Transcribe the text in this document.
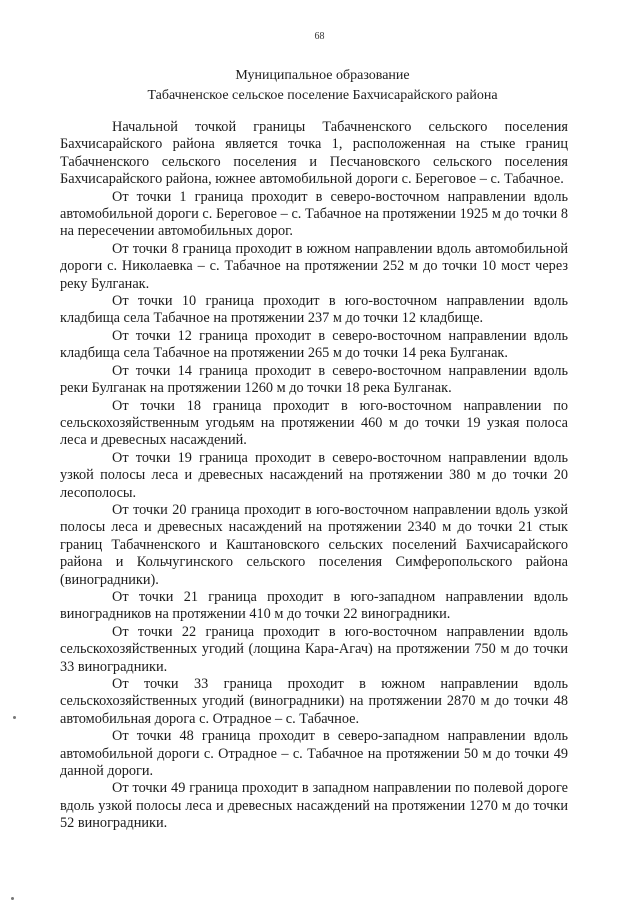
68
Муниципальное образование
Табачненское сельское поселение Бахчисарайского района

Начальной точкой границы Табачненского сельского поселения Бахчисарайского района является точка 1, расположенная на стыке границ Табачненского сельского поселения и Песчановского сельского поселения Бахчисарайского района, южнее автомобильной дороги с. Береговое – с. Табачное.

От точки 1 граница проходит в северо-восточном направлении вдоль автомобильной дороги с. Береговое – с. Табачное на протяжении 1925 м до точки 8 на пересечении автомобильных дорог.

От точки 8 граница проходит в южном направлении вдоль автомобильной дороги с. Николаевка – с. Табачное на протяжении 252 м до точки 10 мост через реку Булганак.

От точки 10 граница проходит в юго-восточном направлении вдоль кладбища села Табачное на протяжении 237 м до точки 12 кладбище.

От точки 12 граница проходит в северо-восточном направлении вдоль кладбища села Табачное на протяжении 265 м до точки 14 река Булганак.

От точки 14 граница проходит в северо-восточном направлении вдоль реки Булганак на протяжении 1260 м до точки 18 река Булганак.

От точки 18 граница проходит в юго-восточном направлении по сельскохозяйственным угодьям на протяжении 460 м до точки 19 узкая полоса леса и древесных насаждений.

От точки 19 граница проходит в северо-восточном направлении вдоль узкой полосы леса и древесных насаждений на протяжении 380 м до точки 20 лесополосы.

От точки 20 граница проходит в юго-восточном направлении вдоль узкой полосы леса и древесных насаждений на протяжении 2340 м до точки 21 стык границ Табачненского и Каштановского сельских поселений Бахчисарайского района и Кольчугинского сельского поселения Симферопольского района (виноградники).

От точки 21 граница проходит в юго-западном направлении вдоль виноградников на протяжении 410 м до точки 22 виноградники.

От точки 22 граница проходит в юго-восточном направлении вдоль сельскохозяйственных угодий (лощина Кара-Агач) на протяжении 750 м до точки 33 виноградники.

От точки 33 граница проходит в южном направлении вдоль сельскохозяйственных угодий (виноградники) на протяжении 2870 м до точки 48 автомобильная дорога с. Отрадное – с. Табачное.

От точки 48 граница проходит в северо-западном направлении вдоль автомобильной дороги с. Отрадное – с. Табачное на протяжении 50 м до точки 49 данной дороги.

От точки 49 граница проходит в западном направлении по полевой дороге вдоль узкой полосы леса и древесных насаждений на протяжении 1270 м до точки 52 виноградники.
